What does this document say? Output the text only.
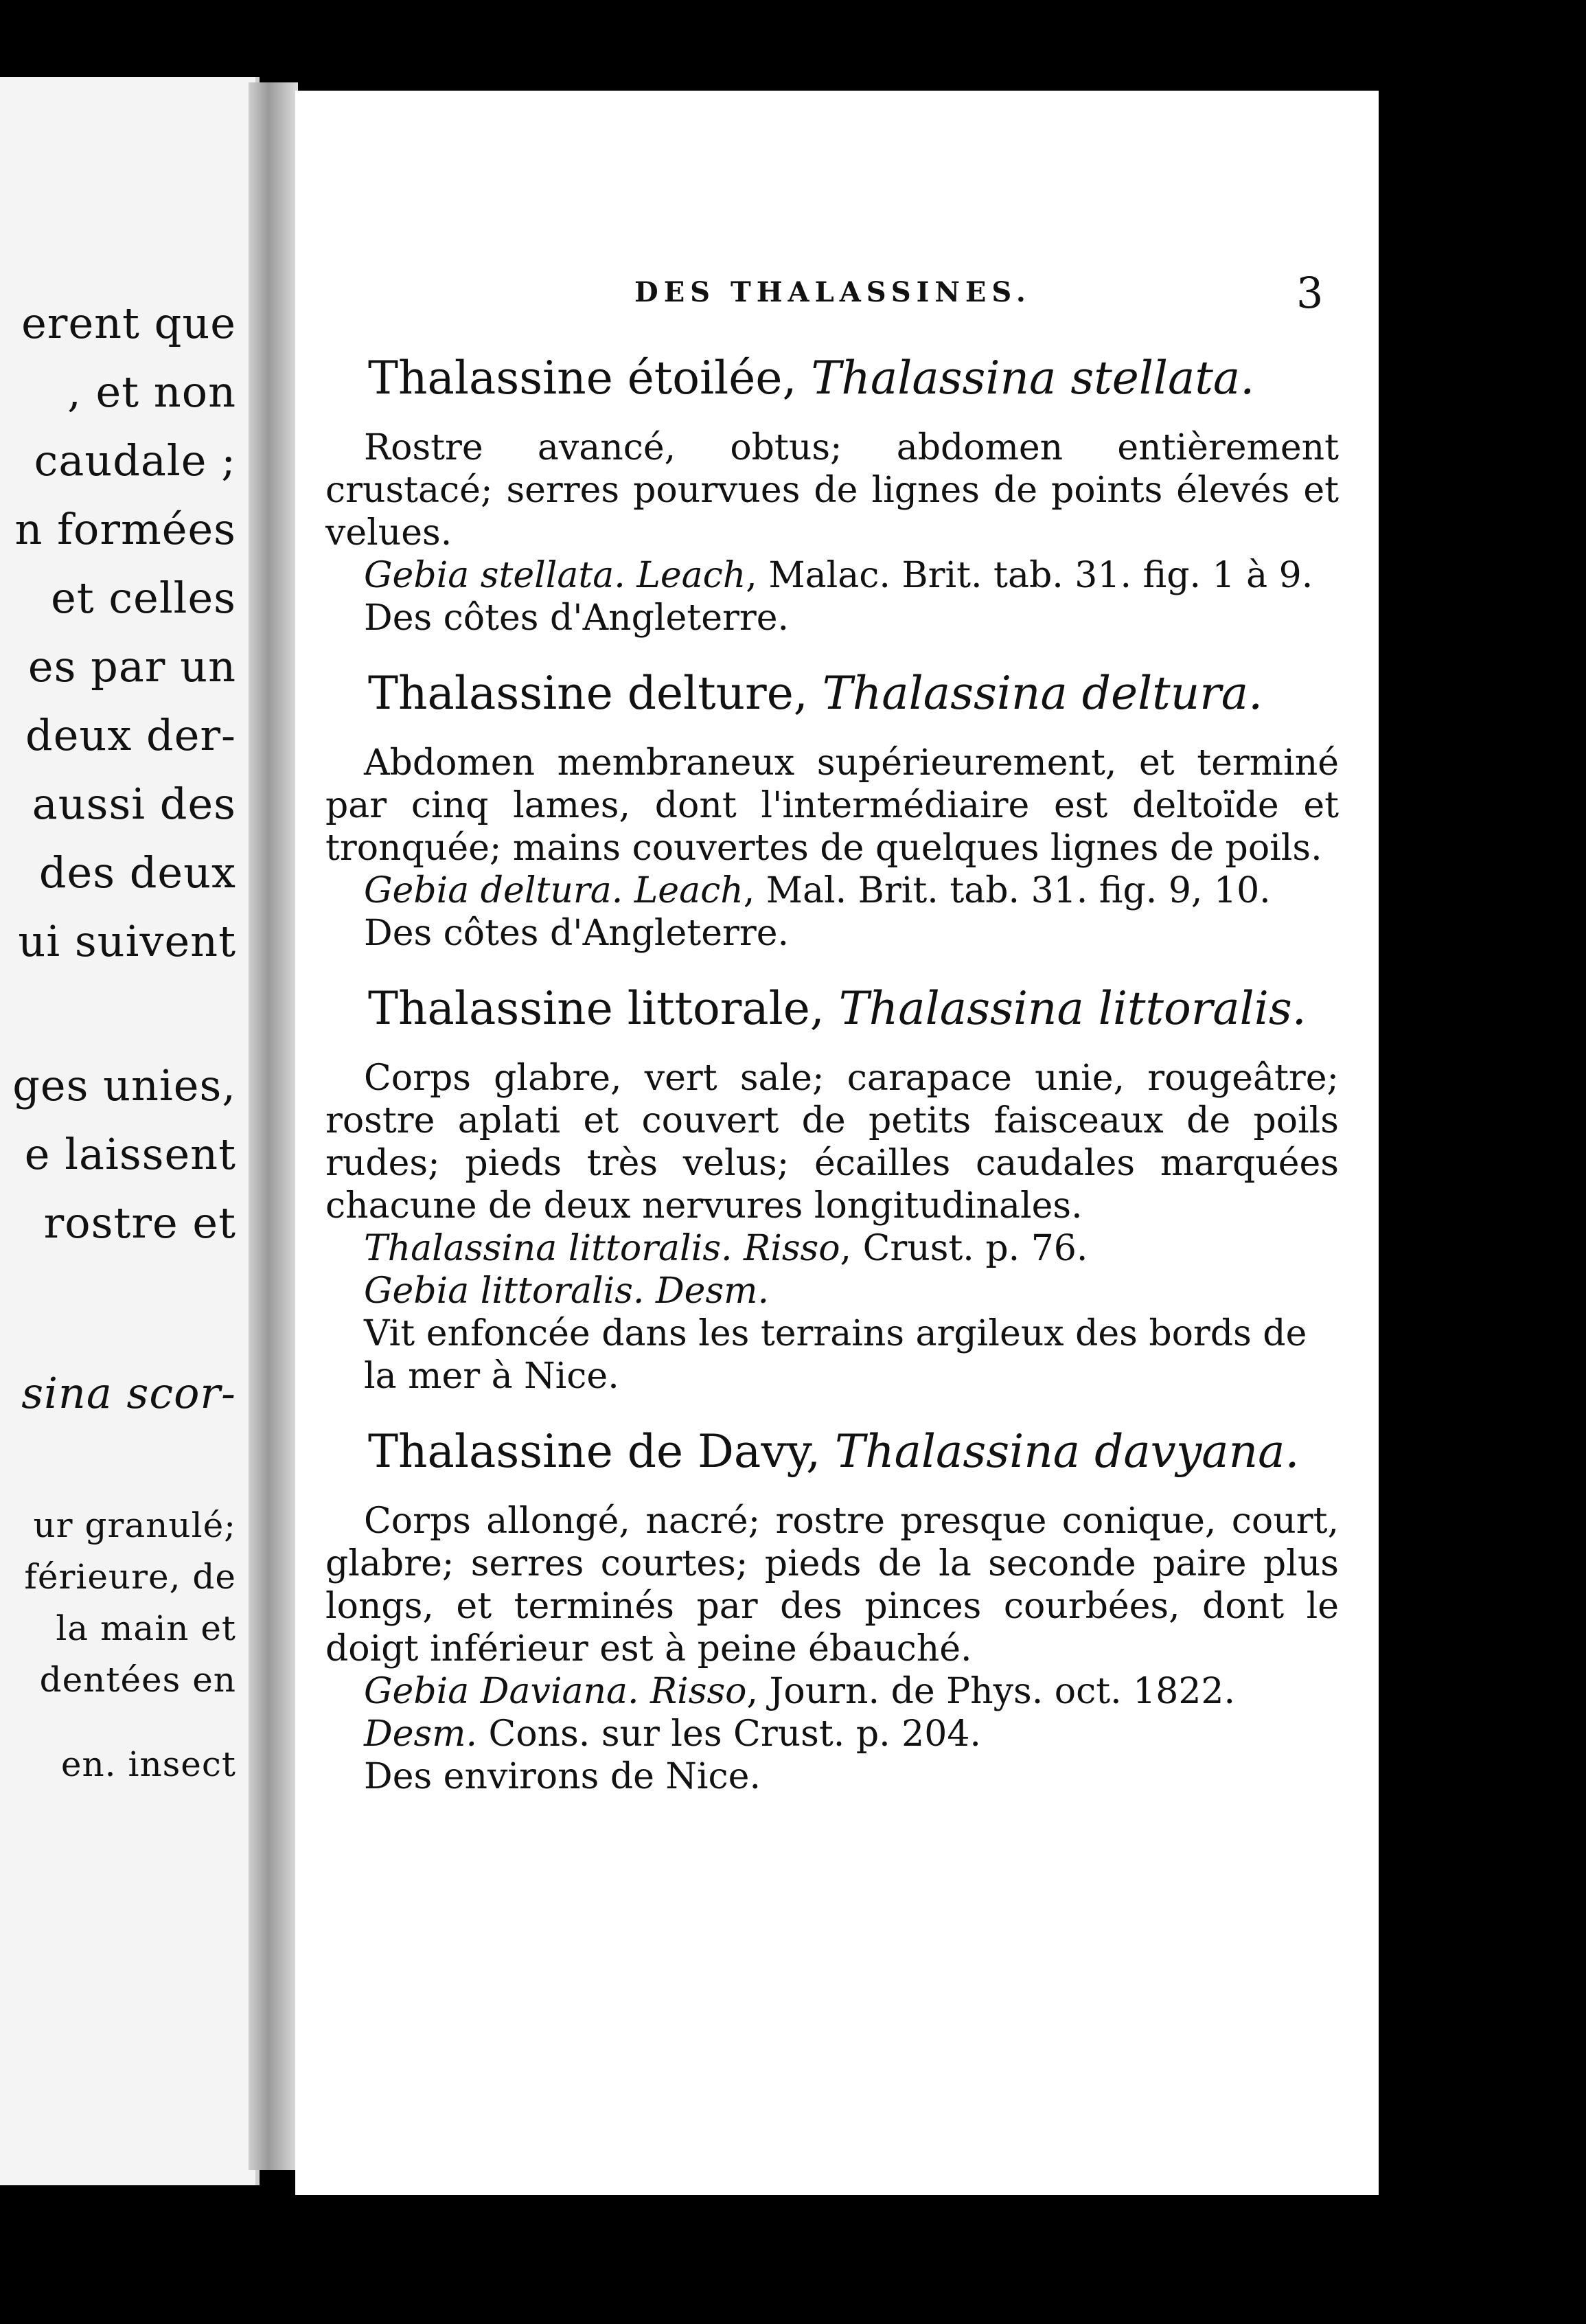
erent que
, et non
caudale ;
n formées
et celles
es par un
deux der-
aussi des
des deux
ui suivent
ges unies,
e laissent
rostre et
sina scor-
ur granulé;
férieure, de
la main et
dentées en
en. insect
DES THALASSINES.	3
Thalassine étoilée, Thalassina stellata.

Rostre avancé, obtus; abdomen entièrement crustacé; serres pourvues de lignes de points élevés et velues.

Gebia stellata. Leach, Malac. Brit. tab. 31. fig. 1 à 9.

Des côtes d'Angleterre.

Thalassine delture, Thalassina deltura.

Abdomen membraneux supérieurement, et terminé par cinq lames, dont l'intermédiaire est deltoïde et tronquée; mains couvertes de quelques lignes de poils.

Gebia deltura. Leach, Mal. Brit. tab. 31. fig. 9, 10.

Des côtes d'Angleterre.

Thalassine littorale, Thalassina littoralis.

Corps glabre, vert sale; carapace unie, rougeâtre; rostre aplati et couvert de petits faisceaux de poils rudes; pieds très velus; écailles caudales marquées chacune de deux nervures longitudinales.

Thalassina littoralis. Risso, Crust. p. 76.

Gebia littoralis. Desm.

Vit enfoncée dans les terrains argileux des bords de la mer à Nice.

Thalassine de Davy, Thalassina davyana.

Corps allongé, nacré; rostre presque conique, court, glabre; serres courtes; pieds de la seconde paire plus longs, et terminés par des pinces courbées, dont le doigt inférieur est à peine ébauché.

Gebia Daviana. Risso, Journ. de Phys. oct. 1822.

Desm. Cons. sur les Crust. p. 204.

Des environs de Nice.
